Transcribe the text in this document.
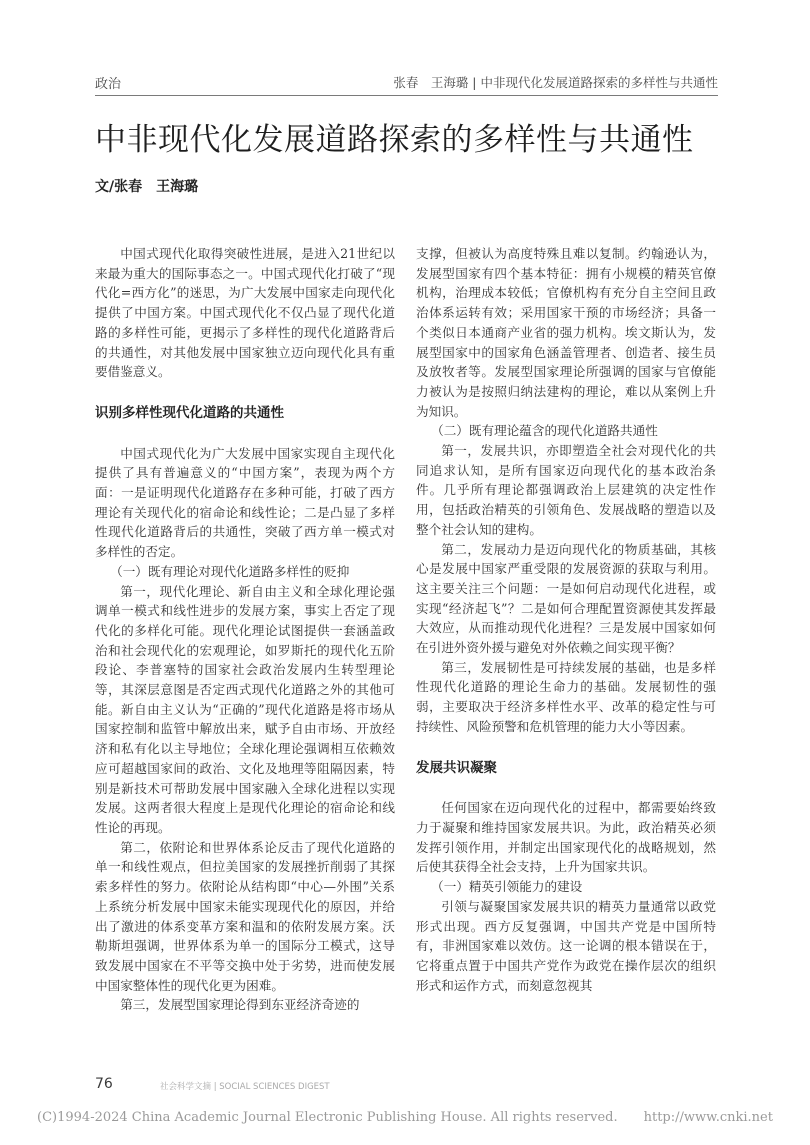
政治	张春　王海璐 | 中非现代化发展道路探索的多样性与共通性
中非现代化发展道路探索的多样性与共通性
文/张春　王海璐

中国式现代化取得突破性进展，是进入21世纪以来最为重大的国际事态之一。中国式现代化打破了“现代化=西方化”的迷思，为广大发展中国家走向现代化提供了中国方案。中国式现代化不仅凸显了现代化道路的多样性可能，更揭示了多样性的现代化道路背后的共通性，对其他发展中国家独立迈向现代化具有重要借鉴意义。

识别多样性现代化道路的共通性

中国式现代化为广大发展中国家实现自主现代化提供了具有普遍意义的“中国方案”，表现为两个方面：一是证明现代化道路存在多种可能，打破了西方理论有关现代化的宿命论和线性论；二是凸显了多样性现代化道路背后的共通性，突破了西方单一模式对多样性的否定。

（一）既有理论对现代化道路多样性的贬抑

第一，现代化理论、新自由主义和全球化理论强调单一模式和线性进步的发展方案，事实上否定了现代化的多样化可能。现代化理论试图提供一套涵盖政治和社会现代化的宏观理论，如罗斯托的现代化五阶段论、李普塞特的国家社会政治发展内生转型理论等，其深层意图是否定西式现代化道路之外的其他可能。新自由主义认为“正确的”现代化道路是将市场从国家控制和监管中解放出来，赋予自由市场、开放经济和私有化以主导地位；全球化理论强调相互依赖效应可超越国家间的政治、文化及地理等阻隔因素，特别是新技术可帮助发展中国家融入全球化进程以实现发展。这两者很大程度上是现代化理论的宿命论和线性论的再现。

第二，依附论和世界体系论反击了现代化道路的单一和线性观点，但拉美国家的发展挫折削弱了其探索多样性的努力。依附论从结构即“中心—外围”关系上系统分析发展中国家未能实现现代化的原因，并给出了激进的体系变革方案和温和的依附发展方案。沃勒斯坦强调，世界体系为单一的国际分工模式，这导致发展中国家在不平等交换中处于劣势，进而使发展中国家整体性的现代化更为困难。

第三，发展型国家理论得到东亚经济奇迹的

支撑，但被认为高度特殊且难以复制。约翰逊认为，发展型国家有四个基本特征：拥有小规模的精英官僚机构，治理成本较低；官僚机构有充分自主空间且政治体系运转有效；采用国家干预的市场经济；具备一个类似日本通商产业省的强力机构。埃文斯认为，发展型国家中的国家角色涵盖管理者、创造者、接生员及放牧者等。发展型国家理论所强调的国家与官僚能力被认为是按照归纳法建构的理论，难以从案例上升为知识。

（二）既有理论蕴含的现代化道路共通性

第一，发展共识，亦即塑造全社会对现代化的共同追求认知，是所有国家迈向现代化的基本政治条件。几乎所有理论都强调政治上层建筑的决定性作用，包括政治精英的引领角色、发展战略的塑造以及整个社会认知的建构。

第二，发展动力是迈向现代化的物质基础，其核心是发展中国家严重受限的发展资源的获取与利用。这主要关注三个问题：一是如何启动现代化进程，或实现“经济起飞”？二是如何合理配置资源使其发挥最大效应，从而推动现代化进程？三是发展中国家如何在引进外资外援与避免对外依赖之间实现平衡？

第三，发展韧性是可持续发展的基础，也是多样性现代化道路的理论生命力的基础。发展韧性的强弱，主要取决于经济多样性水平、改革的稳定性与可持续性、风险预警和危机管理的能力大小等因素。

发展共识凝聚

任何国家在迈向现代化的过程中，都需要始终致力于凝聚和维持国家发展共识。为此，政治精英必须发挥引领作用，并制定出国家现代化的战略规划，然后使其获得全社会支持，上升为国家共识。

（一）精英引领能力的建设

引领与凝聚国家发展共识的精英力量通常以政党形式出现。西方反复强调，中国共产党是中国所特有，非洲国家难以效仿。这一论调的根本错误在于，它将重点置于中国共产党作为政党在操作层次的组织形式和运作方式，而刻意忽视其

76	社会科学文摘 | SOCIAL SCIENCES DIGEST
(C)1994-2024 China Academic Journal Electronic Publishing House. All rights reserved.　　http://www.cnki.net
